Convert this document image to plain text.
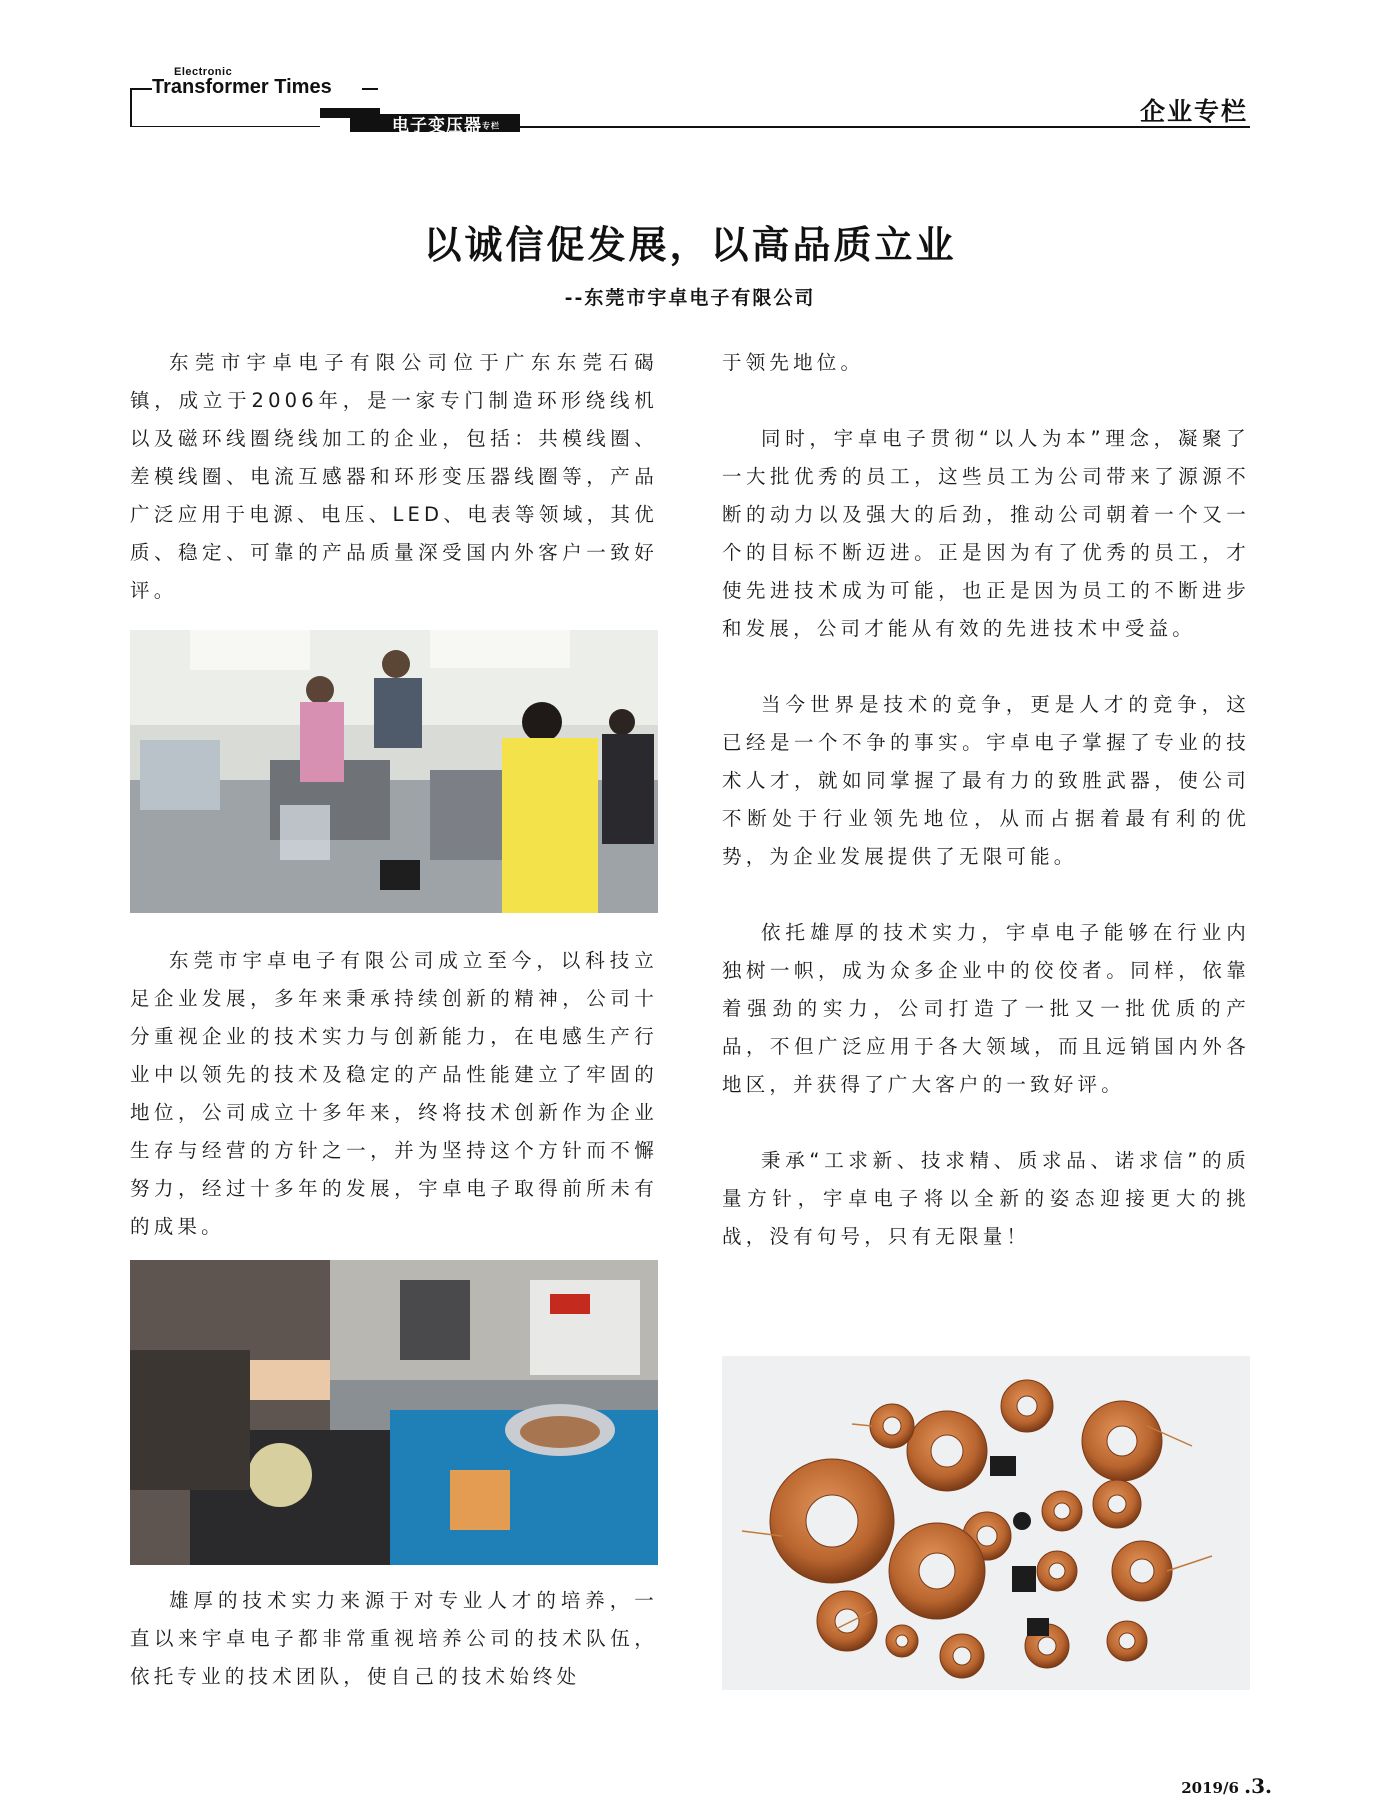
Electronic
Transformer Times
电子变压器专栏	企业专栏
以诚信促发展，以高品质立业
--东莞市宇卓电子有限公司

东莞市宇卓电子有限公司位于广东东莞石碣镇，成立于2006年，是一家专门制造环形绕线机以及磁环线圈绕线加工的企业，包括：共模线圈、差模线圈、电流互感器和环形变压器线圈等，产品广泛应用于电源、电压、LED、电表等领域，其优质、稳定、可靠的产品质量深受国内外客户一致好评。

东莞市宇卓电子有限公司成立至今，以科技立足企业发展，多年来秉承持续创新的精神，公司十分重视企业的技术实力与创新能力，在电感生产行业中以领先的技术及稳定的产品性能建立了牢固的地位，公司成立十多年来，终将技术创新作为企业生存与经营的方针之一，并为坚持这个方针而不懈努力，经过十多年的发展，宇卓电子取得前所未有的成果。

雄厚的技术实力来源于对专业人才的培养，一直以来宇卓电子都非常重视培养公司的技术队伍，依托专业的技术团队，使自己的技术始终处

于领先地位。

同时，宇卓电子贯彻“以人为本”理念，凝聚了一大批优秀的员工，这些员工为公司带来了源源不断的动力以及强大的后劲，推动公司朝着一个又一个的目标不断迈进。正是因为有了优秀的员工，才使先进技术成为可能，也正是因为员工的不断进步和发展，公司才能从有效的先进技术中受益。

当今世界是技术的竞争，更是人才的竞争，这已经是一个不争的事实。宇卓电子掌握了专业的技术人才，就如同掌握了最有力的致胜武器，使公司不断处于行业领先地位，从而占据着最有利的优势，为企业发展提供了无限可能。

依托雄厚的技术实力，宇卓电子能够在行业内独树一帜，成为众多企业中的佼佼者。同样，依靠着强劲的实力，公司打造了一批又一批优质的产品，不但广泛应用于各大领域，而且远销国内外各地区，并获得了广大客户的一致好评。

秉承“工求新、技求精、质求品、诺求信”的质量方针，宇卓电子将以全新的姿态迎接更大的挑战，没有句号，只有无限量！

2019/6 .3.
